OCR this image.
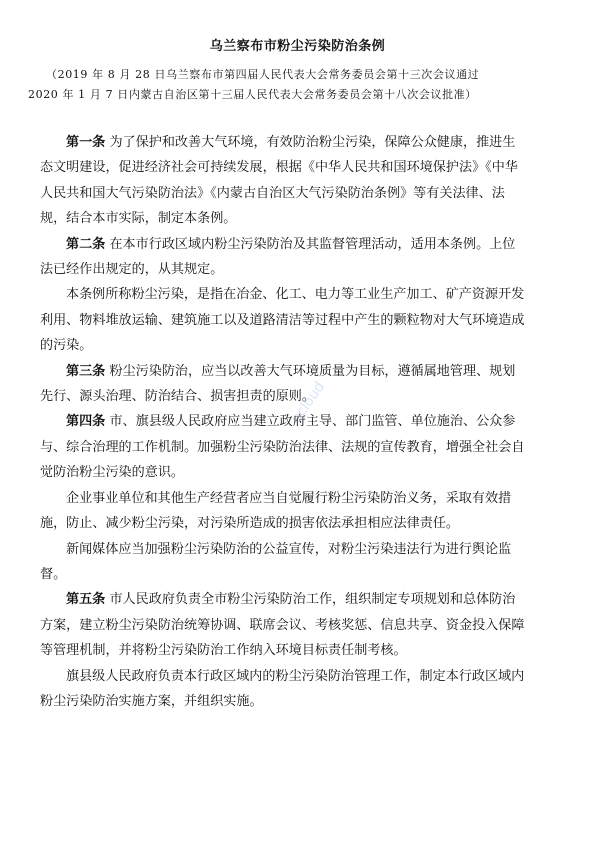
乌兰察布市粉尘污染防治条例
（2019 年 8 月 28 日乌兰察布市第四届人民代表大会常务委员会第十三次会议通过
2020 年 1 月 7 日内蒙古自治区第十三届人民代表大会常务委员会第十八次会议批准）
第一条 为了保护和改善大气环境，有效防治粉尘污染，保障公众健康，推进生
态文明建设，促进经济社会可持续发展，根据《中华人民共和国环境保护法》《中华
人民共和国大气污染防治法》《内蒙古自治区大气污染防治条例》等有关法律、法
规，结合本市实际，制定本条例。
第二条 在本市行政区域内粉尘污染防治及其监督管理活动，适用本条例。上位
法已经作出规定的，从其规定。
本条例所称粉尘污染，是指在冶金、化工、电力等工业生产加工、矿产资源开发
利用、物料堆放运输、建筑施工以及道路清洁等过程中产生的颗粒物对大气环境造成
的污染。
第三条 粉尘污染防治，应当以改善大气环境质量为目标，遵循属地管理、规划
先行、源头治理、防治结合、损害担责的原则。
第四条 市、旗县级人民政府应当建立政府主导、部门监管、单位施治、公众参
与、综合治理的工作机制。加强粉尘污染防治法律、法规的宣传教育，增强全社会自
觉防治粉尘污染的意识。
企业事业单位和其他生产经营者应当自觉履行粉尘污染防治义务，采取有效措
施，防止、减少粉尘污染，对污染所造成的损害依法承担相应法律责任。
新闻媒体应当加强粉尘污染防治的公益宣传，对粉尘污染违法行为进行舆论监
督。
第五条 市人民政府负责全市粉尘污染防治工作，组织制定专项规划和总体防治
方案，建立粉尘污染防治统筹协调、联席会议、考核奖惩、信息共享、资金投入保障
等管理机制，并将粉尘污染防治工作纳入环境目标责任制考核。
旗县级人民政府负责本行政区域内的粉尘污染防治管理工作，制定本行政区域内
粉尘污染防治实施方案，并组织实施。
ucloud
